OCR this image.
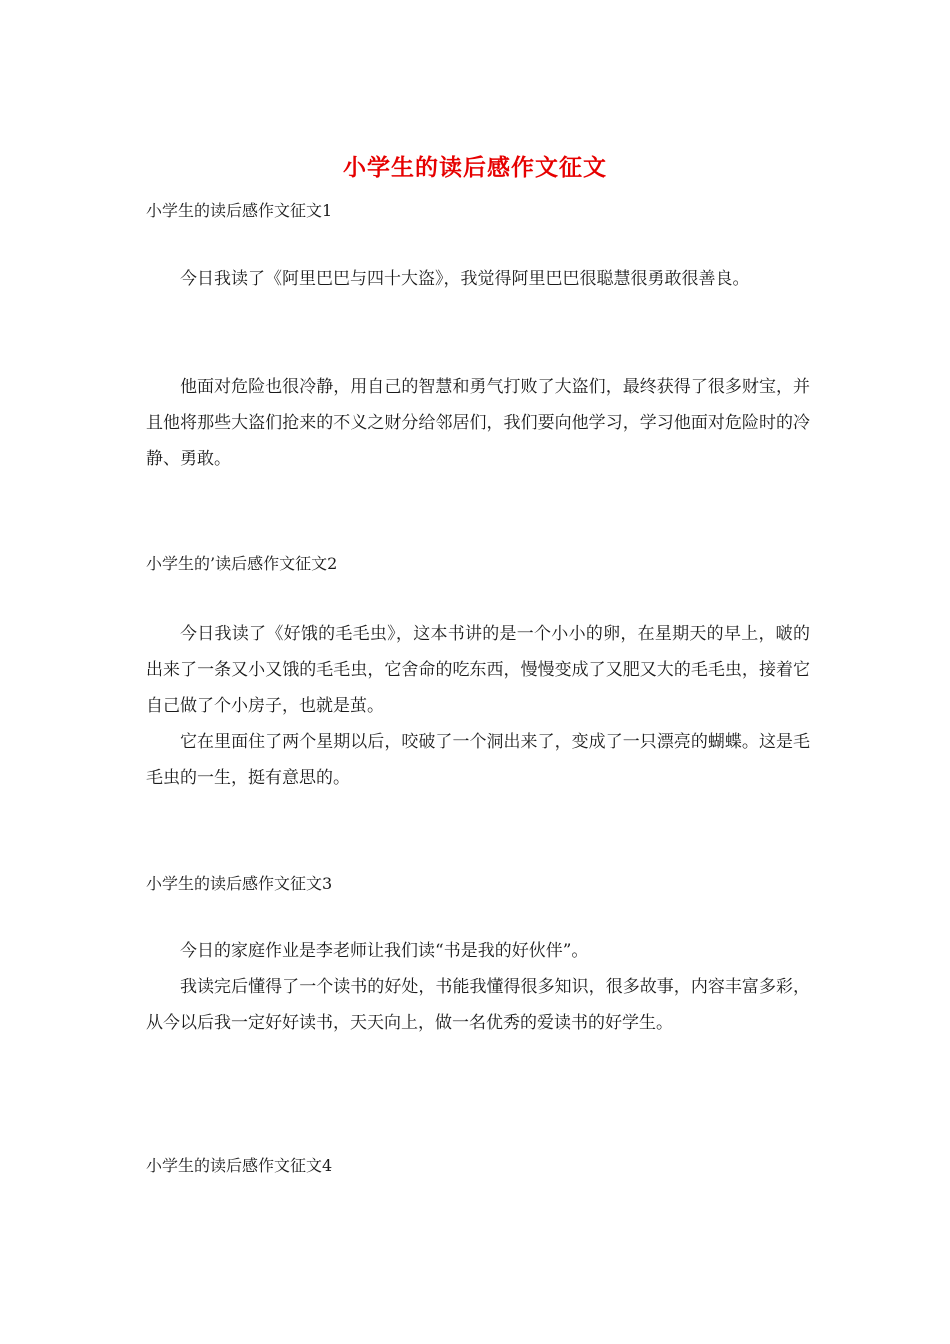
小学生的读后感作文征文
小学生的读后感作文征文1

今日我读了《阿里巴巴与四十大盗》，我觉得阿里巴巴很聪慧很勇敢很善良。

他面对危险也很冷静，用自己的智慧和勇气打败了大盗们，最终获得了很多财宝，并且他将那些大盗们抢来的不义之财分给邻居们，我们要向他学习，学习他面对危险时的冷静、勇敢。

小学生的’读后感作文征文2

今日我读了《好饿的毛毛虫》，这本书讲的是一个小小的卵，在星期天的早上，啵的出来了一条又小又饿的毛毛虫，它舍命的吃东西，慢慢变成了又肥又大的毛毛虫，接着它自己做了个小房子，也就是茧。

它在里面住了两个星期以后，咬破了一个洞出来了，变成了一只漂亮的蝴蝶。这是毛毛虫的一生，挺有意思的。

小学生的读后感作文征文3

今日的家庭作业是李老师让我们读“书是我的好伙伴”。

我读完后懂得了一个读书的好处，书能我懂得很多知识，很多故事，内容丰富多彩，从今以后我一定好好读书，天天向上，做一名优秀的爱读书的好学生。

小学生的读后感作文征文4
